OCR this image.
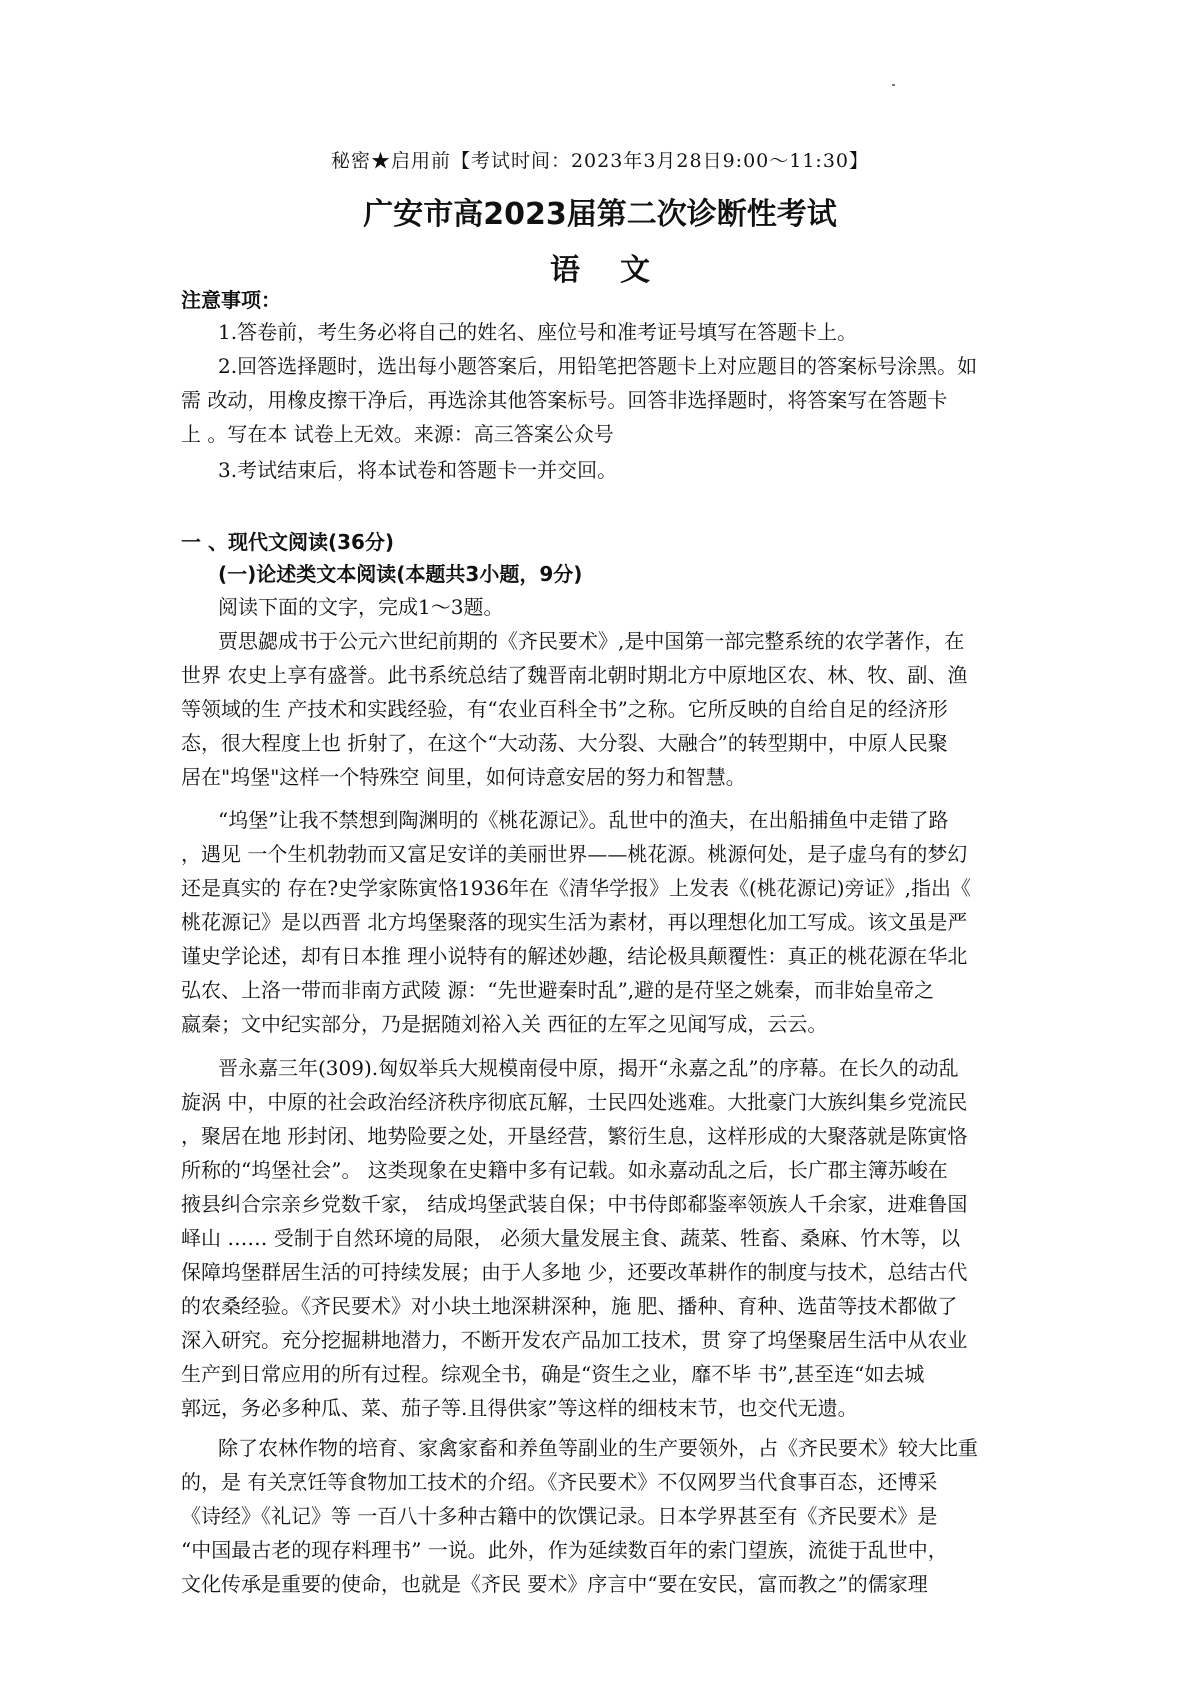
秘密★启用前【考试时间：2023年3月28日9:00～11:30】
广安市高2023届第二次诊断性考试
语文
注意事项：
1.答卷前，考生务必将自己的姓名、座位号和准考证号填写在答题卡上。
2.回答选择题时，选出每小题答案后，用铅笔把答题卡上对应题目的答案标号涂黑。如
需 改动，用橡皮擦干净后，再选涂其他答案标号。回答非选择题时，将答案写在答题卡
上 。写在本 试卷上无效。来源：高三答案公众号
3.考试结束后，将本试卷和答题卡一并交回。
一 、现代文阅读(36分)
(一)论述类文本阅读(本题共3小题，9分)
阅读下面的文字，完成1～3题。
贾思勰成书于公元六世纪前期的《齐民要术》,是中国第一部完整系统的农学著作，在
世界 农史上享有盛誉。此书系统总结了魏晋南北朝时期北方中原地区农、林、牧、副、渔
等领域的生 产技术和实践经验，有“农业百科全书”之称。它所反映的自给自足的经济形
态，很大程度上也 折射了，在这个“大动荡、大分裂、大融合”的转型期中，中原人民聚
居在"坞堡"这样一个特殊空 间里，如何诗意安居的努力和智慧。
“坞堡”让我不禁想到陶渊明的《桃花源记》。乱世中的渔夫，在出船捕鱼中走错了路
，遇见 一个生机勃勃而又富足安详的美丽世界——桃花源。桃源何处，是子虚乌有的梦幻
还是真实的 存在?史学家陈寅恪1936年在《清华学报》上发表《(桃花源记)旁证》,指出《
桃花源记》是以西晋 北方坞堡聚落的现实生活为素材，再以理想化加工写成。该文虽是严
谨史学论述，却有日本推 理小说特有的解述妙趣，结论极具颠覆性：真正的桃花源在华北
弘农、上洛一带而非南方武陵 源：“先世避秦时乱”,避的是苻坚之姚秦，而非始皇帝之
嬴秦；文中纪实部分，乃是据随刘裕入关 西征的左军之见闻写成，云云。
晋永嘉三年(309).匈奴举兵大规模南侵中原，揭开“永嘉之乱”的序幕。在长久的动乱
旋涡 中，中原的社会政治经济秩序彻底瓦解，士民四处逃难。大批豪门大族纠集乡党流民
，聚居在地 形封闭、地势险要之处，开垦经营，繁衍生息，这样形成的大聚落就是陈寅恪
所称的“坞堡社会”。 这类现象在史籍中多有记载。如永嘉动乱之后，长广郡主簿苏峻在
掖县纠合宗亲乡党数千家， 结成坞堡武装自保；中书侍郎郗鉴率领族人千余家，进难鲁国
峄山 …… 受制于自然环境的局限， 必须大量发展主食、蔬菜、牲畜、桑麻、竹木等，以
保障坞堡群居生活的可持续发展；由于人多地 少，还要改革耕作的制度与技术，总结古代
的农桑经验。《齐民要术》对小块土地深耕深种，施 肥、播种、育种、选苗等技术都做了
深入研究。充分挖掘耕地潜力，不断开发农产品加工技术，贯 穿了坞堡聚居生活中从农业
生产到日常应用的所有过程。综观全书，确是“资生之业，靡不毕 书”,甚至连“如去城
郭远，务必多种瓜、菜、茄子等.且得供家”等这样的细枝末节，也交代无遗。
除了农林作物的培育、家禽家畜和养鱼等副业的生产要领外，占《齐民要术》较大比重
的，是 有关烹饪等食物加工技术的介绍。《齐民要术》不仅网罗当代食事百态，还博采
《诗经》《礼记》等 一百八十多种古籍中的饮馔记录。日本学界甚至有《齐民要术》是
“中国最古老的现存料理书” 一说。此外，作为延续数百年的索门望族，流徙于乱世中，
文化传承是重要的使命，也就是《齐民 要术》序言中“要在安民，富而教之”的儒家理
